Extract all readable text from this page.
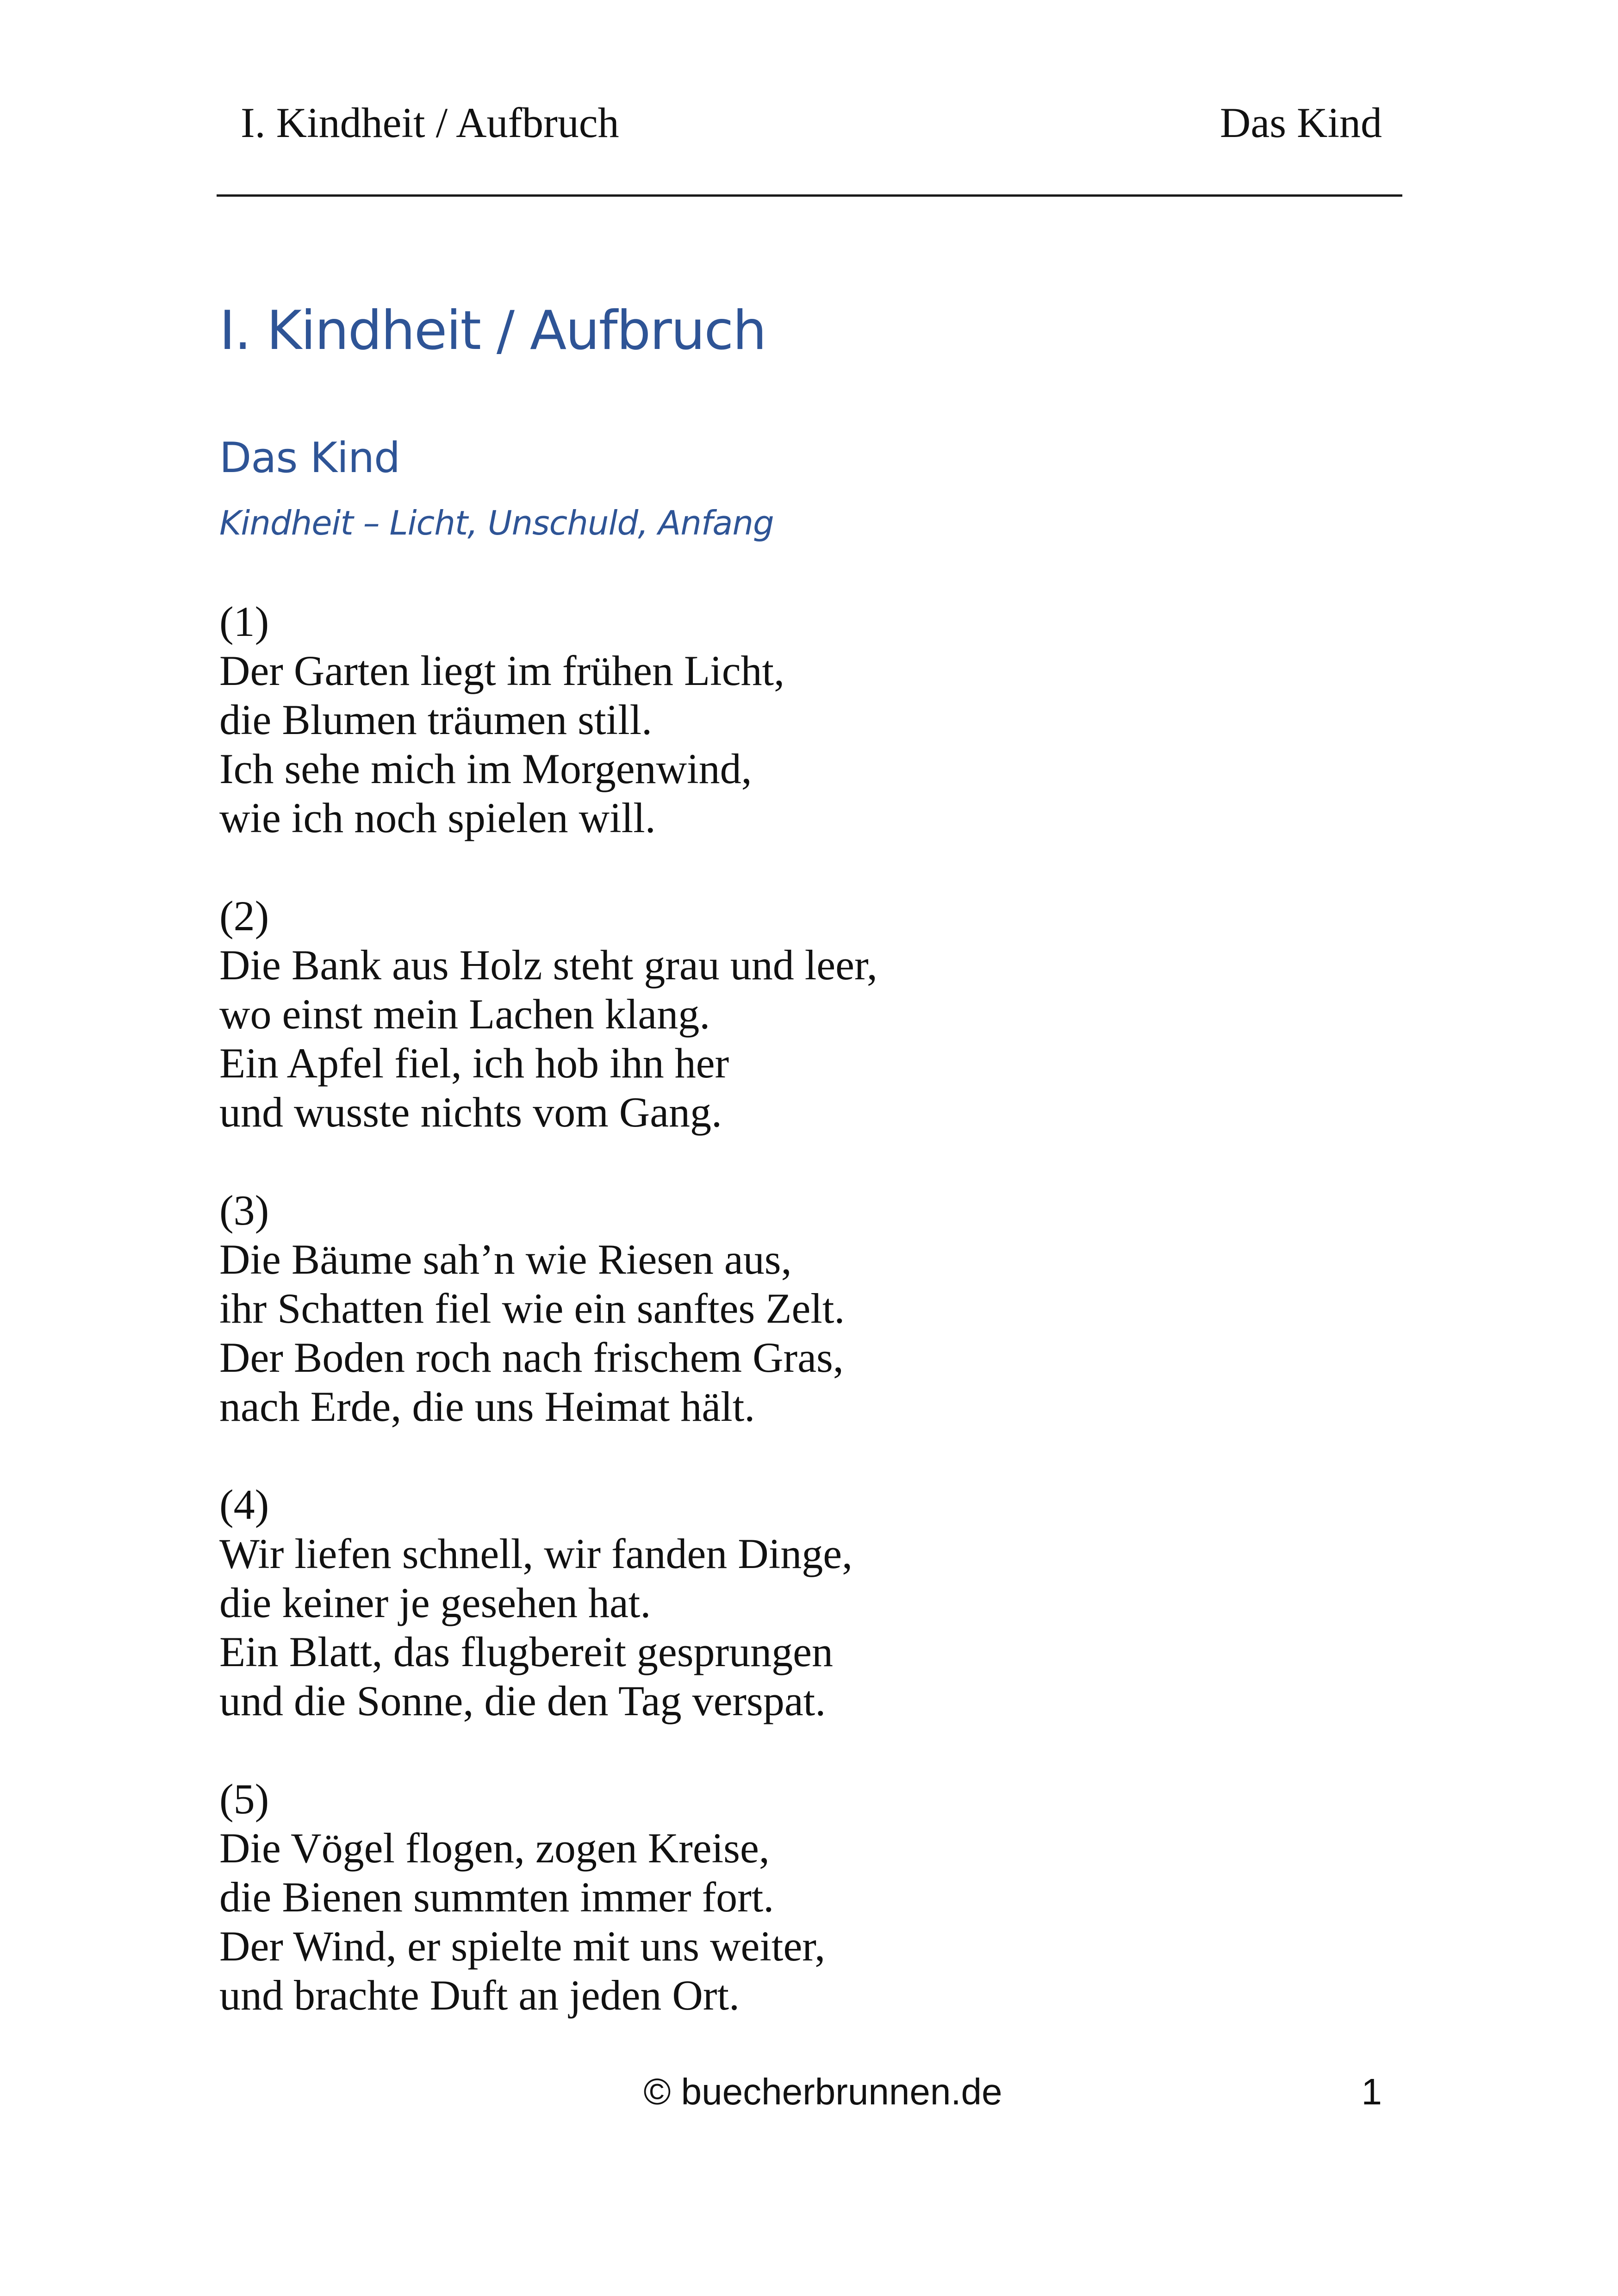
I. Kindheit / Aufbruch	Das Kind
I. Kindheit / Aufbruch
Das Kind
Kindheit – Licht, Unschuld, Anfang
(1)
Der Garten liegt im frühen Licht,
die Blumen träumen still.
Ich sehe mich im Morgenwind,
wie ich noch spielen will.
(2)
Die Bank aus Holz steht grau und leer,
wo einst mein Lachen klang.
Ein Apfel fiel, ich hob ihn her
und wusste nichts vom Gang.
(3)
Die Bäume sah’n wie Riesen aus,
ihr Schatten fiel wie ein sanftes Zelt.
Der Boden roch nach frischem Gras,
nach Erde, die uns Heimat hält.
(4)
Wir liefen schnell, wir fanden Dinge,
die keiner je gesehen hat.
Ein Blatt, das flugbereit gesprungen
und die Sonne, die den Tag verspat.
(5)
Die Vögel flogen, zogen Kreise,
die Bienen summten immer fort.
Der Wind, er spielte mit uns weiter,
und brachte Duft an jeden Ort.
© buecherbrunnen.de	1
